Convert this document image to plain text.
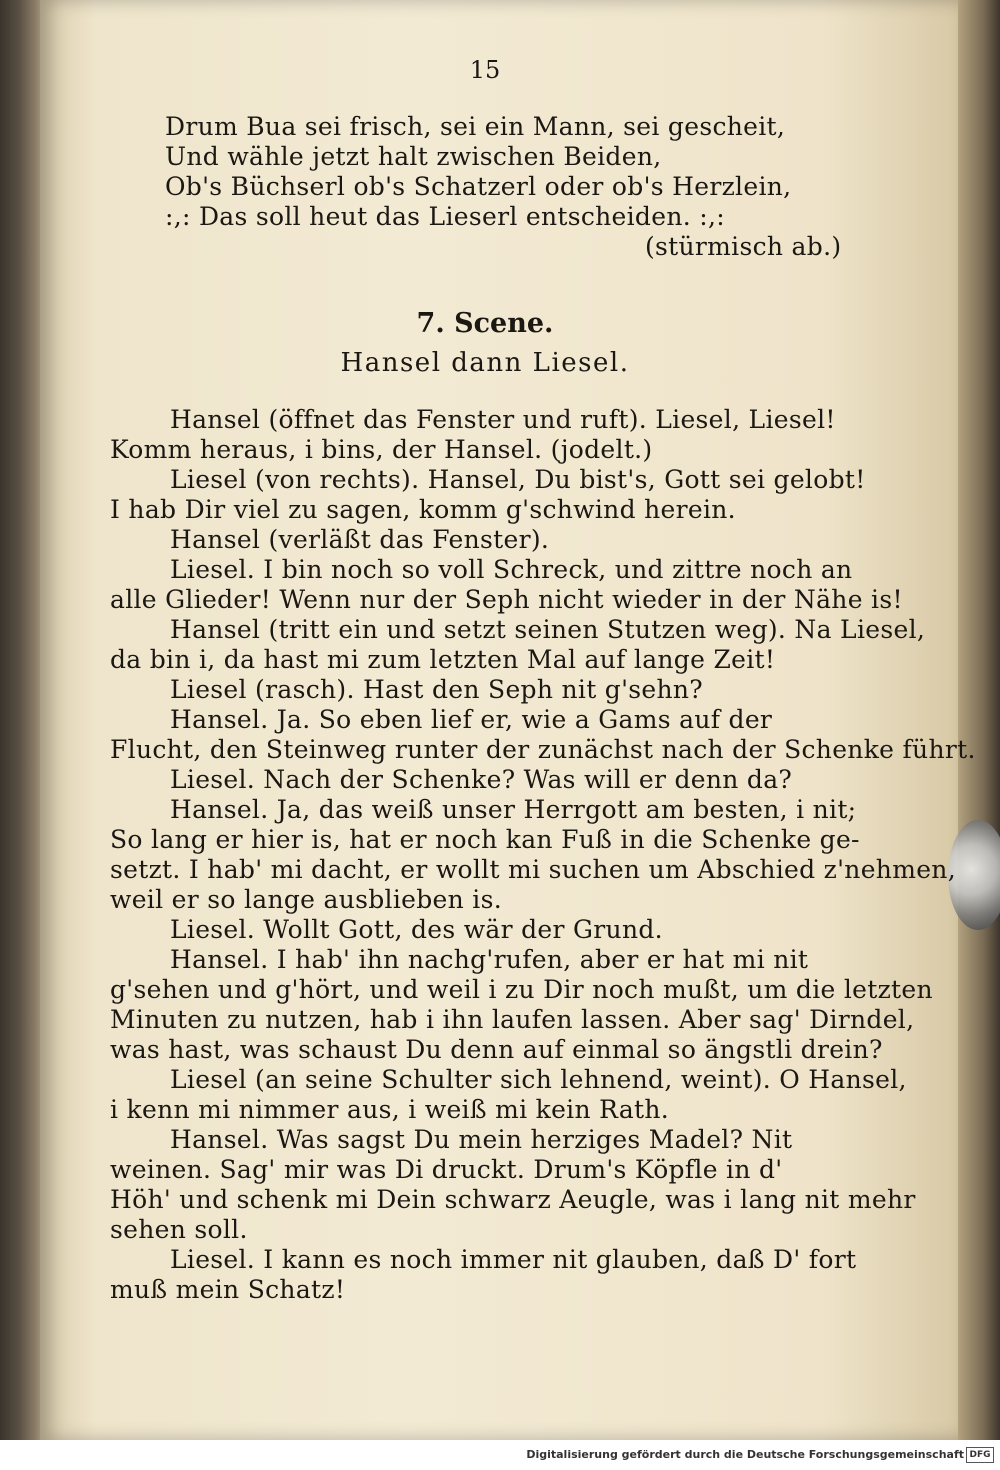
15
Drum Bua sei frisch, sei ein Mann, sei gescheit,
Und wähle jetzt halt zwischen Beiden,
Ob's Büchserl ob's Schatzerl oder ob's Herzlein,
:,: Das soll heut das Lieserl entscheiden. :,:
(stürmisch ab.)
7. Scene.
Hansel dann Liesel.
Hansel (öffnet das Fenster und ruft). Liesel, Liesel!
Komm heraus, i bins, der Hansel. (jodelt.)
Liesel (von rechts). Hansel, Du bist's, Gott sei gelobt!
I hab Dir viel zu sagen, komm g'schwind herein.
Hansel (verläßt das Fenster).
Liesel. I bin noch so voll Schreck, und zittre noch an
alle Glieder! Wenn nur der Seph nicht wieder in der Nähe is!
Hansel (tritt ein und setzt seinen Stutzen weg). Na Liesel,
da bin i, da hast mi zum letzten Mal auf lange Zeit!
Liesel (rasch). Hast den Seph nit g'sehn?
Hansel. Ja. So eben lief er, wie a Gams auf der
Flucht, den Steinweg runter der zunächst nach der Schenke führt.
Liesel. Nach der Schenke? Was will er denn da?
Hansel. Ja, das weiß unser Herrgott am besten, i nit;
So lang er hier is, hat er noch kan Fuß in die Schenke ge-
setzt. I hab' mi dacht, er wollt mi suchen um Abschied z'nehmen,
weil er so lange ausblieben is.
Liesel. Wollt Gott, des wär der Grund.
Hansel. I hab' ihn nachg'rufen, aber er hat mi nit
g'sehen und g'hört, und weil i zu Dir noch mußt, um die letzten
Minuten zu nutzen, hab i ihn laufen lassen. Aber sag' Dirndel,
was hast, was schaust Du denn auf einmal so ängstli drein?
Liesel (an seine Schulter sich lehnend, weint). O Hansel,
i kenn mi nimmer aus, i weiß mi kein Rath.
Hansel. Was sagst Du mein herziges Madel? Nit
weinen. Sag' mir was Di druckt. Drum's Köpfle in d'
Höh' und schenk mi Dein schwarz Aeugle, was i lang nit mehr
sehen soll.
Liesel. I kann es noch immer nit glauben, daß D' fort
muß mein Schatz!
Digitalisierung gefördert durch die Deutsche Forschungsgemeinschaft DFG
